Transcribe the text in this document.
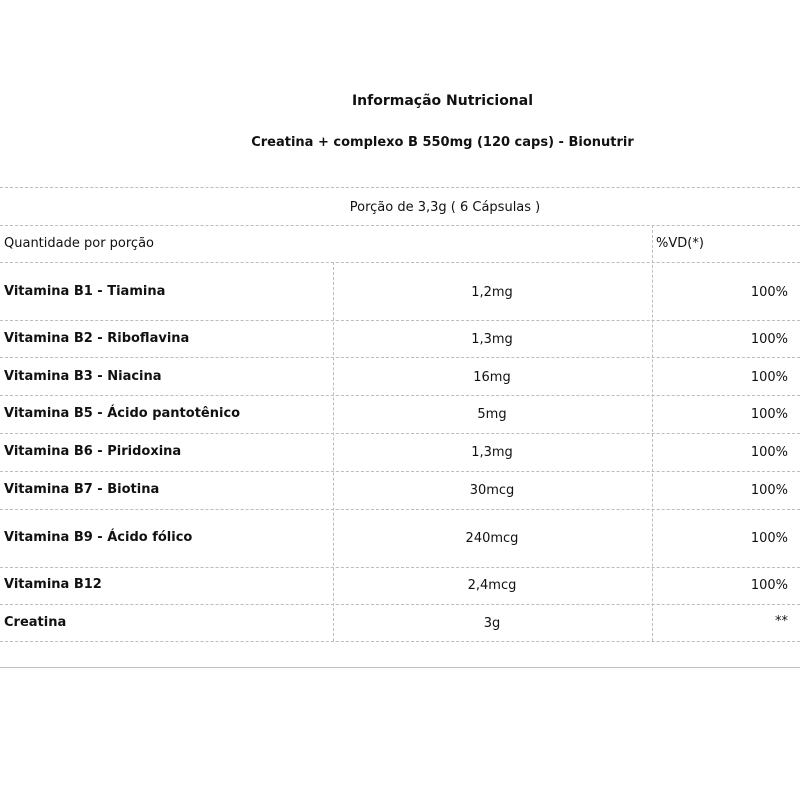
Informação Nutricional
Creatina + complexo B 550mg (120 caps) - Bionutrir
Porção de 3,3g ( 6 Cápsulas )
Quantidade por porção	%VD(*)
Vitamina B1 - Tiamina	1,2mg	100%
Vitamina B2 - Riboflavina	1,3mg	100%
Vitamina B3 - Niacina	16mg	100%
Vitamina B5 - Ácido pantotênico	5mg	100%
Vitamina B6 - Piridoxina	1,3mg	100%
Vitamina B7 - Biotina	30mcg	100%
Vitamina B9 - Ácido fólico	240mcg	100%
Vitamina B12	2,4mcg	100%
Creatina	3g	**
